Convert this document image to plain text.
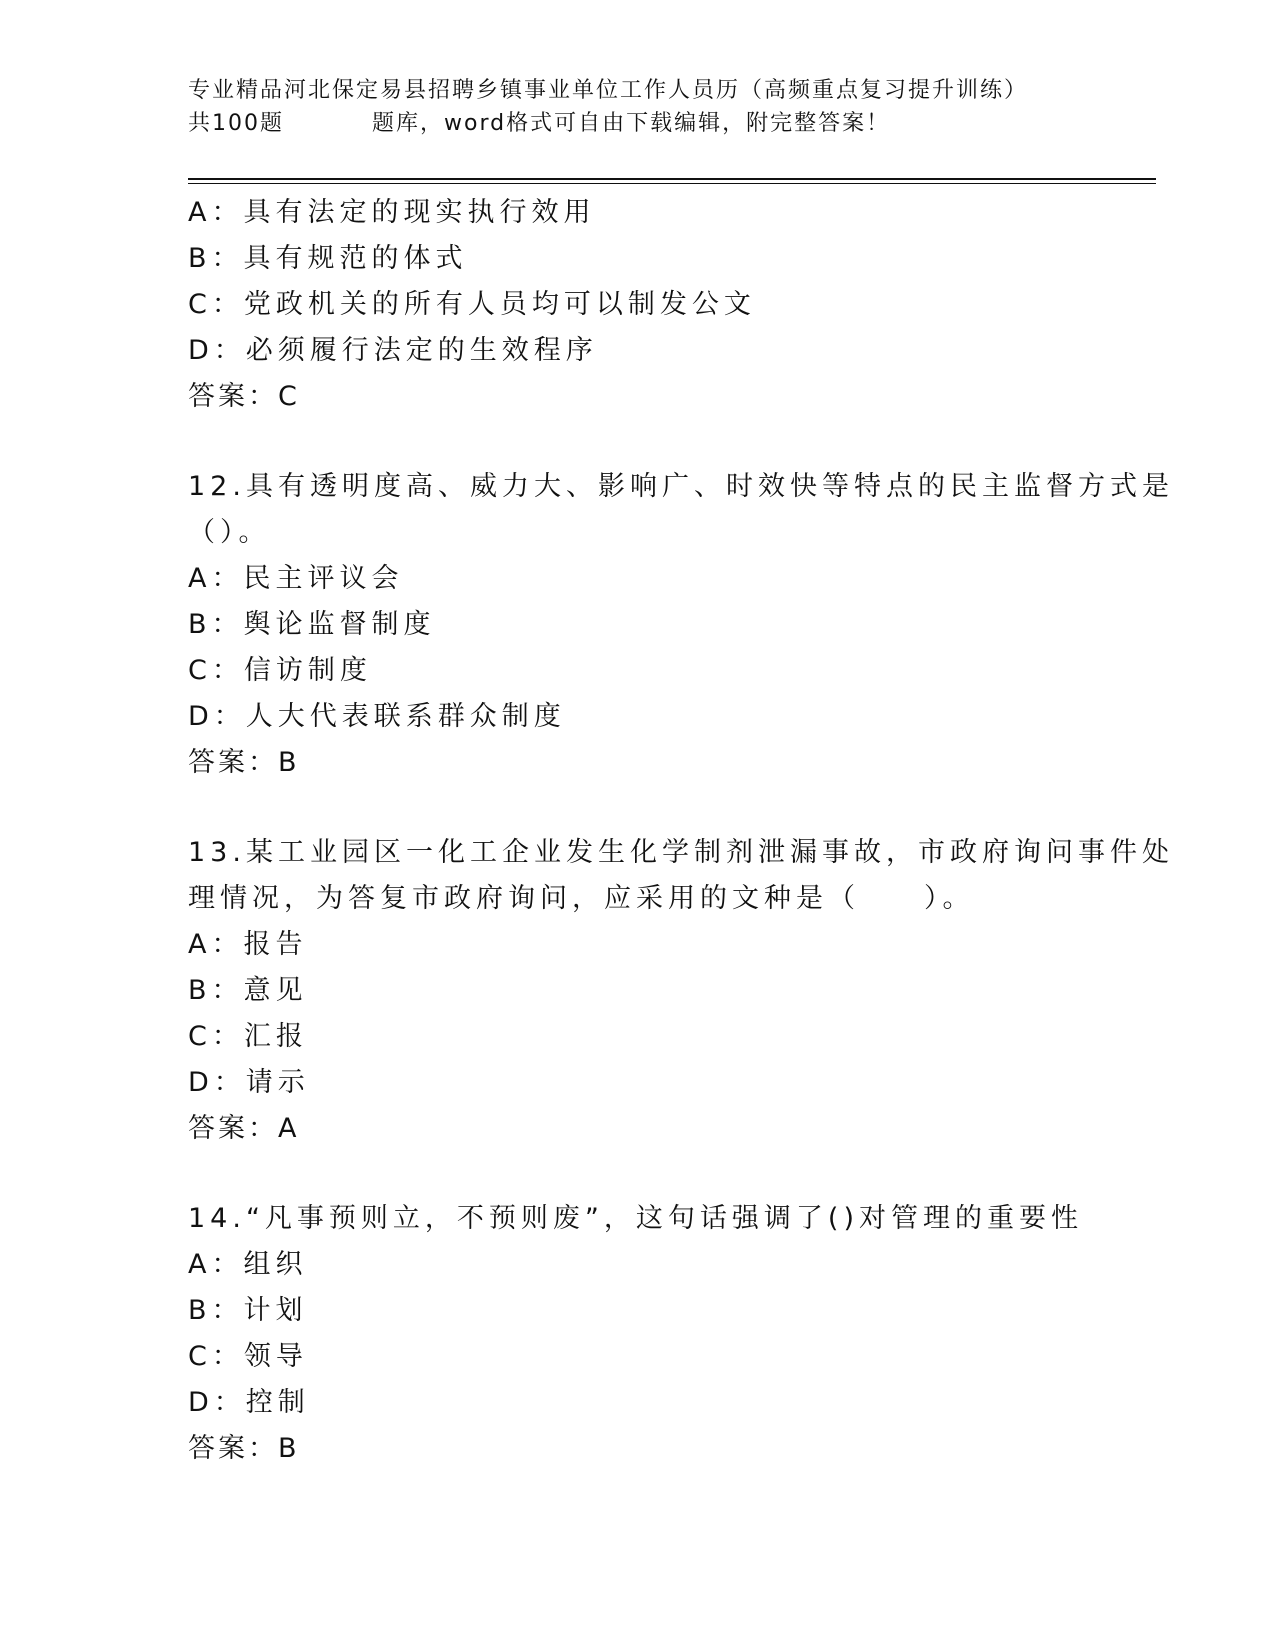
专业精品河北保定易县招聘乡镇事业单位工作人员历（高频重点复习提升训练）
共100题	题库，word格式可自由下载编辑，附完整答案！
A：具有法定的现实执行效用
B：具有规范的体式
C：党政机关的所有人员均可以制发公文
D：必须履行法定的生效程序
答案：C
12.具有透明度高、威力大、影响广、时效快等特点的民主监督方式是
（）。
A：民主评议会
B：舆论监督制度
C：信访制度
D：人大代表联系群众制度
答案：B
13.某工业园区一化工企业发生化学制剂泄漏事故，市政府询问事件处
理情况，为答复市政府询问，应采用的文种是（　　）。
A：报告
B：意见
C：汇报
D：请示
答案：A
14.“凡事预则立，不预则废”，这句话强调了()对管理的重要性
A：组织
B：计划
C：领导
D：控制
答案：B
